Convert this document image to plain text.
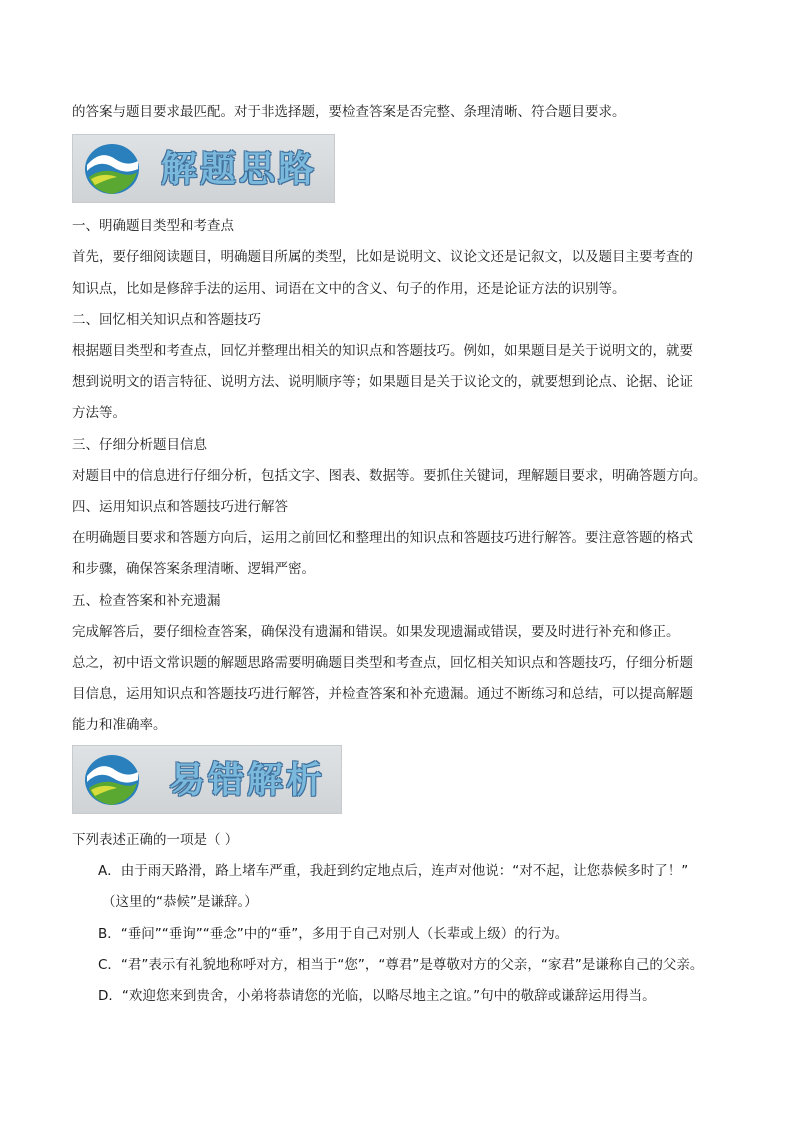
的答案与题目要求最匹配。对于非选择题，要检查答案是否完整、条理清晰、符合题目要求。
解题思路
一、明确题目类型和考查点
首先，要仔细阅读题目，明确题目所属的类型，比如是说明文、议论文还是记叙文，以及题目主要考查的
知识点，比如是修辞手法的运用、词语在文中的含义、句子的作用，还是论证方法的识别等。
二、回忆相关知识点和答题技巧
根据题目类型和考查点，回忆并整理出相关的知识点和答题技巧。例如，如果题目是关于说明文的，就要
想到说明文的语言特征、说明方法、说明顺序等；如果题目是关于议论文的，就要想到论点、论据、论证
方法等。
三、仔细分析题目信息
对题目中的信息进行仔细分析，包括文字、图表、数据等。要抓住关键词，理解题目要求，明确答题方向。
四、运用知识点和答题技巧进行解答
在明确题目要求和答题方向后，运用之前回忆和整理出的知识点和答题技巧进行解答。要注意答题的格式
和步骤，确保答案条理清晰、逻辑严密。
五、检查答案和补充遗漏
完成解答后，要仔细检查答案，确保没有遗漏和错误。如果发现遗漏或错误，要及时进行补充和修正。
总之，初中语文常识题的解题思路需要明确题目类型和考查点，回忆相关知识点和答题技巧，仔细分析题
目信息，运用知识点和答题技巧进行解答，并检查答案和补充遗漏。通过不断练习和总结，可以提高解题
能力和准确率。
易错解析
下列表述正确的一项是（ ）
A．由于雨天路滑，路上堵车严重，我赶到约定地点后，连声对他说：“对不起，让您恭候多时了！”
（这里的“恭候”是谦辞。）
B．“垂问”“垂询”“垂念”中的“垂”，多用于自己对别人（长辈或上级）的行为。
C．“君”表示有礼貌地称呼对方，相当于“您”，“尊君”是尊敬对方的父亲，“家君”是谦称自己的父亲。
D．“欢迎您来到贵舍，小弟将恭请您的光临，以略尽地主之谊。”句中的敬辞或谦辞运用得当。
